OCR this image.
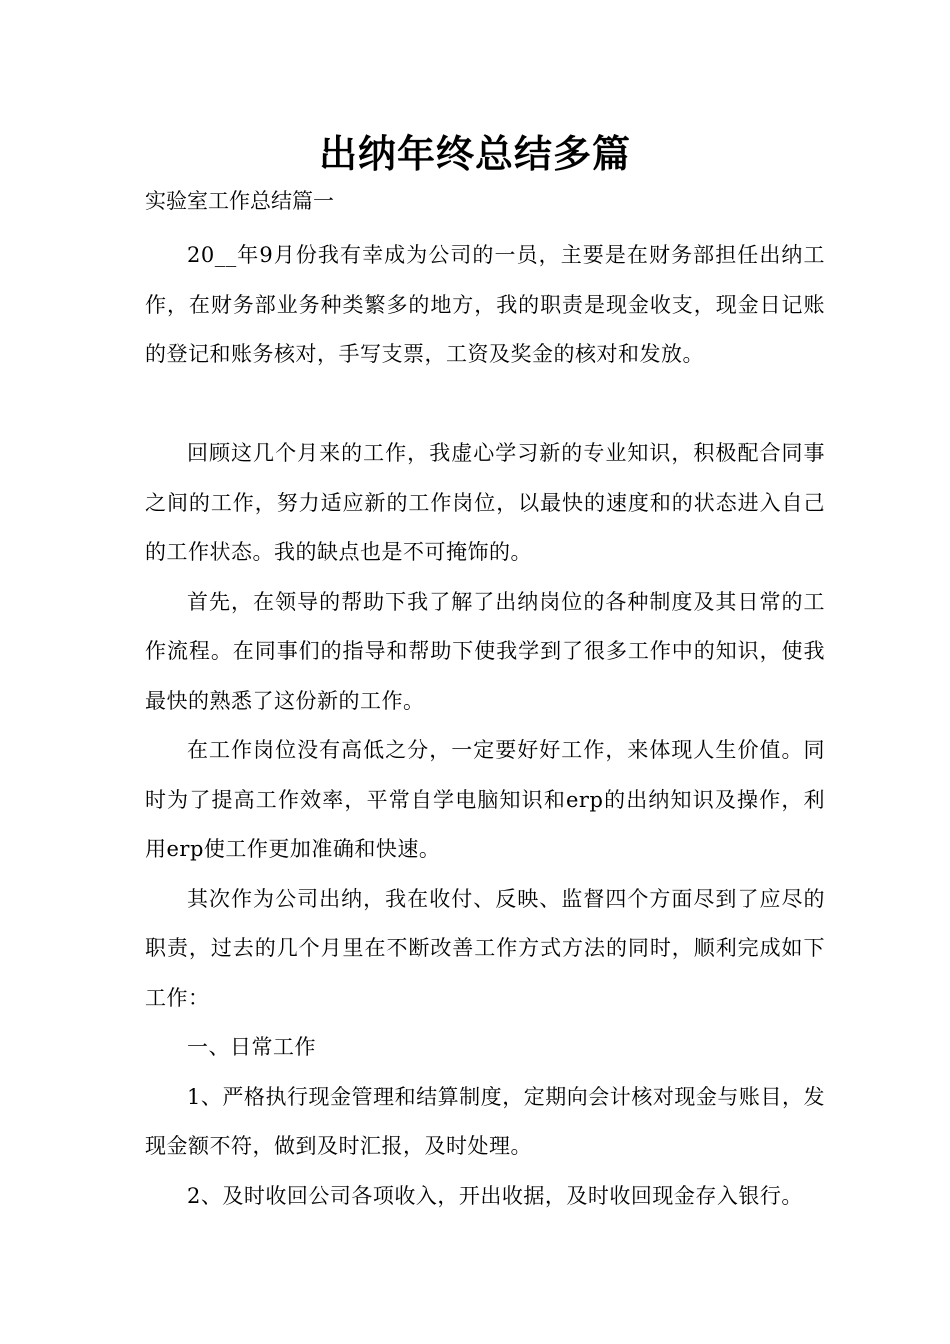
出纳年终总结多篇
实验室工作总结篇一

20__年9月份我有幸成为公司的一员，主要是在财务部担任出纳工作，在财务部业务种类繁多的地方，我的职责是现金收支，现金日记账的登记和账务核对，手写支票，工资及奖金的核对和发放。

回顾这几个月来的工作，我虚心学习新的专业知识，积极配合同事之间的工作，努力适应新的工作岗位，以最快的速度和的状态进入自己的工作状态。我的缺点也是不可掩饰的。

首先，在领导的帮助下我了解了出纳岗位的各种制度及其日常的工作流程。在同事们的指导和帮助下使我学到了很多工作中的知识，使我最快的熟悉了这份新的工作。

在工作岗位没有高低之分，一定要好好工作，来体现人生价值。同时为了提高工作效率，平常自学电脑知识和erp的出纳知识及操作，利用erp使工作更加准确和快速。

其次作为公司出纳，我在收付、反映、监督四个方面尽到了应尽的职责，过去的几个月里在不断改善工作方式方法的同时，顺利完成如下工作：

一、日常工作

1、严格执行现金管理和结算制度，定期向会计核对现金与账目，发现金额不符，做到及时汇报，及时处理。

2、及时收回公司各项收入，开出收据，及时收回现金存入银行。
